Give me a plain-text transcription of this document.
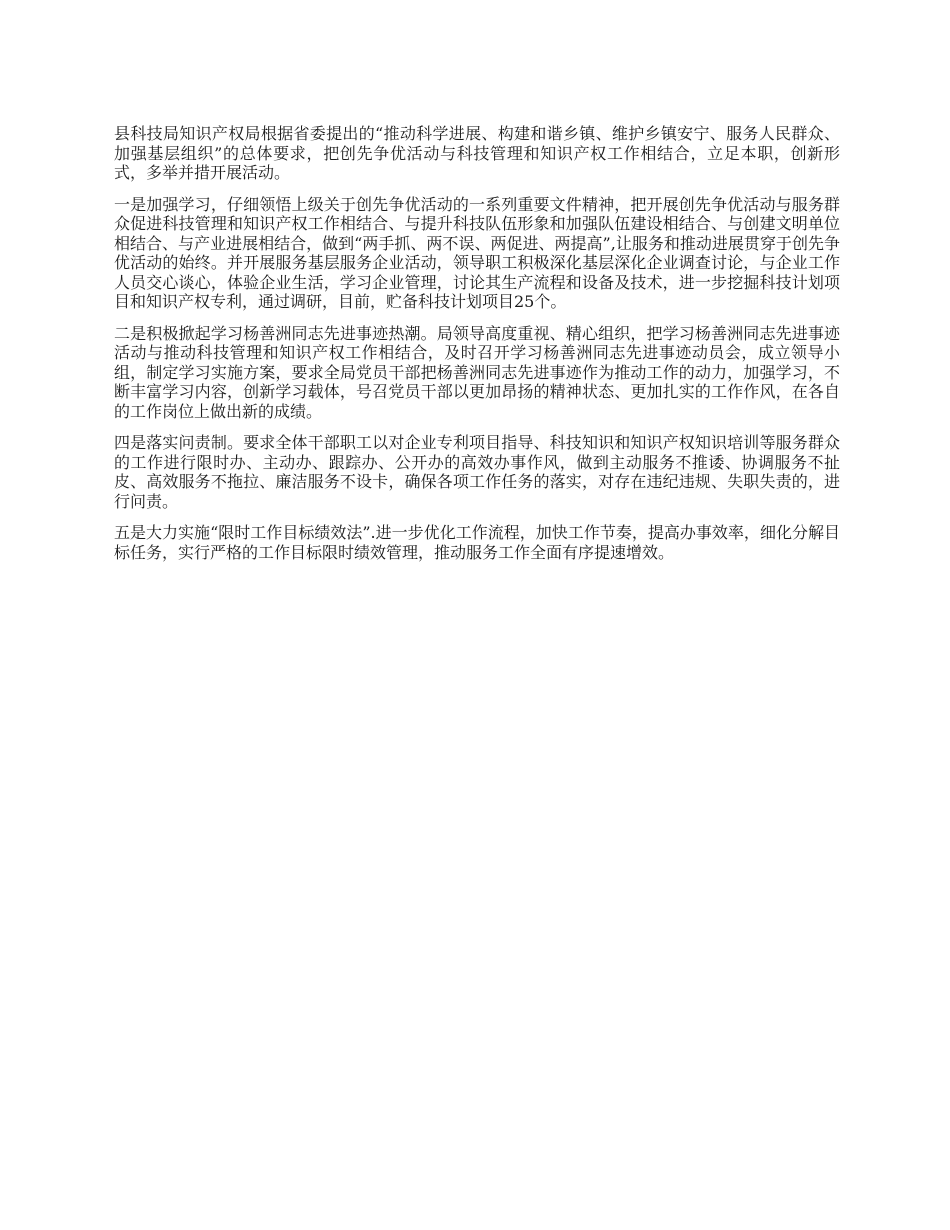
县科技局知识产权局根据省委提出的“推动科学进展、构建和谐乡镇、维护乡镇安宁、服务人民群众、加强基层组织”的总体要求，把创先争优活动与科技管理和知识产权工作相结合，立足本职，创新形式，多举并措开展活动。

一是加强学习，仔细领悟上级关于创先争优活动的一系列重要文件精神，把开展创先争优活动与服务群众促进科技管理和知识产权工作相结合、与提升科技队伍形象和加强队伍建设相结合、与创建文明单位相结合、与产业进展相结合，做到“两手抓、两不误、两促进、两提高”,让服务和推动进展贯穿于创先争优活动的始终。并开展服务基层服务企业活动，领导职工积极深化基层深化企业调查讨论，与企业工作人员交心谈心，体验企业生活，学习企业管理，讨论其生产流程和设备及技术，进一步挖掘科技计划项目和知识产权专利，通过调研，目前，贮备科技计划项目25个。

二是积极掀起学习杨善洲同志先进事迹热潮。局领导高度重视、精心组织，把学习杨善洲同志先进事迹活动与推动科技管理和知识产权工作相结合，及时召开学习杨善洲同志先进事迹动员会，成立领导小组，制定学习实施方案，要求全局党员干部把杨善洲同志先进事迹作为推动工作的动力，加强学习，不断丰富学习内容，创新学习载体，号召党员干部以更加昂扬的精神状态、更加扎实的工作作风，在各自的工作岗位上做出新的成绩。

四是落实问责制。要求全体干部职工以对企业专利项目指导、科技知识和知识产权知识培训等服务群众的工作进行限时办、主动办、跟踪办、公开办的高效办事作风，做到主动服务不推诿、协调服务不扯皮、高效服务不拖拉、廉洁服务不设卡，确保各项工作任务的落实，对存在违纪违规、失职失责的，进行问责。

五是大力实施“限时工作目标绩效法”.进一步优化工作流程，加快工作节奏，提高办事效率，细化分解目标任务，实行严格的工作目标限时绩效管理，推动服务工作全面有序提速增效。
